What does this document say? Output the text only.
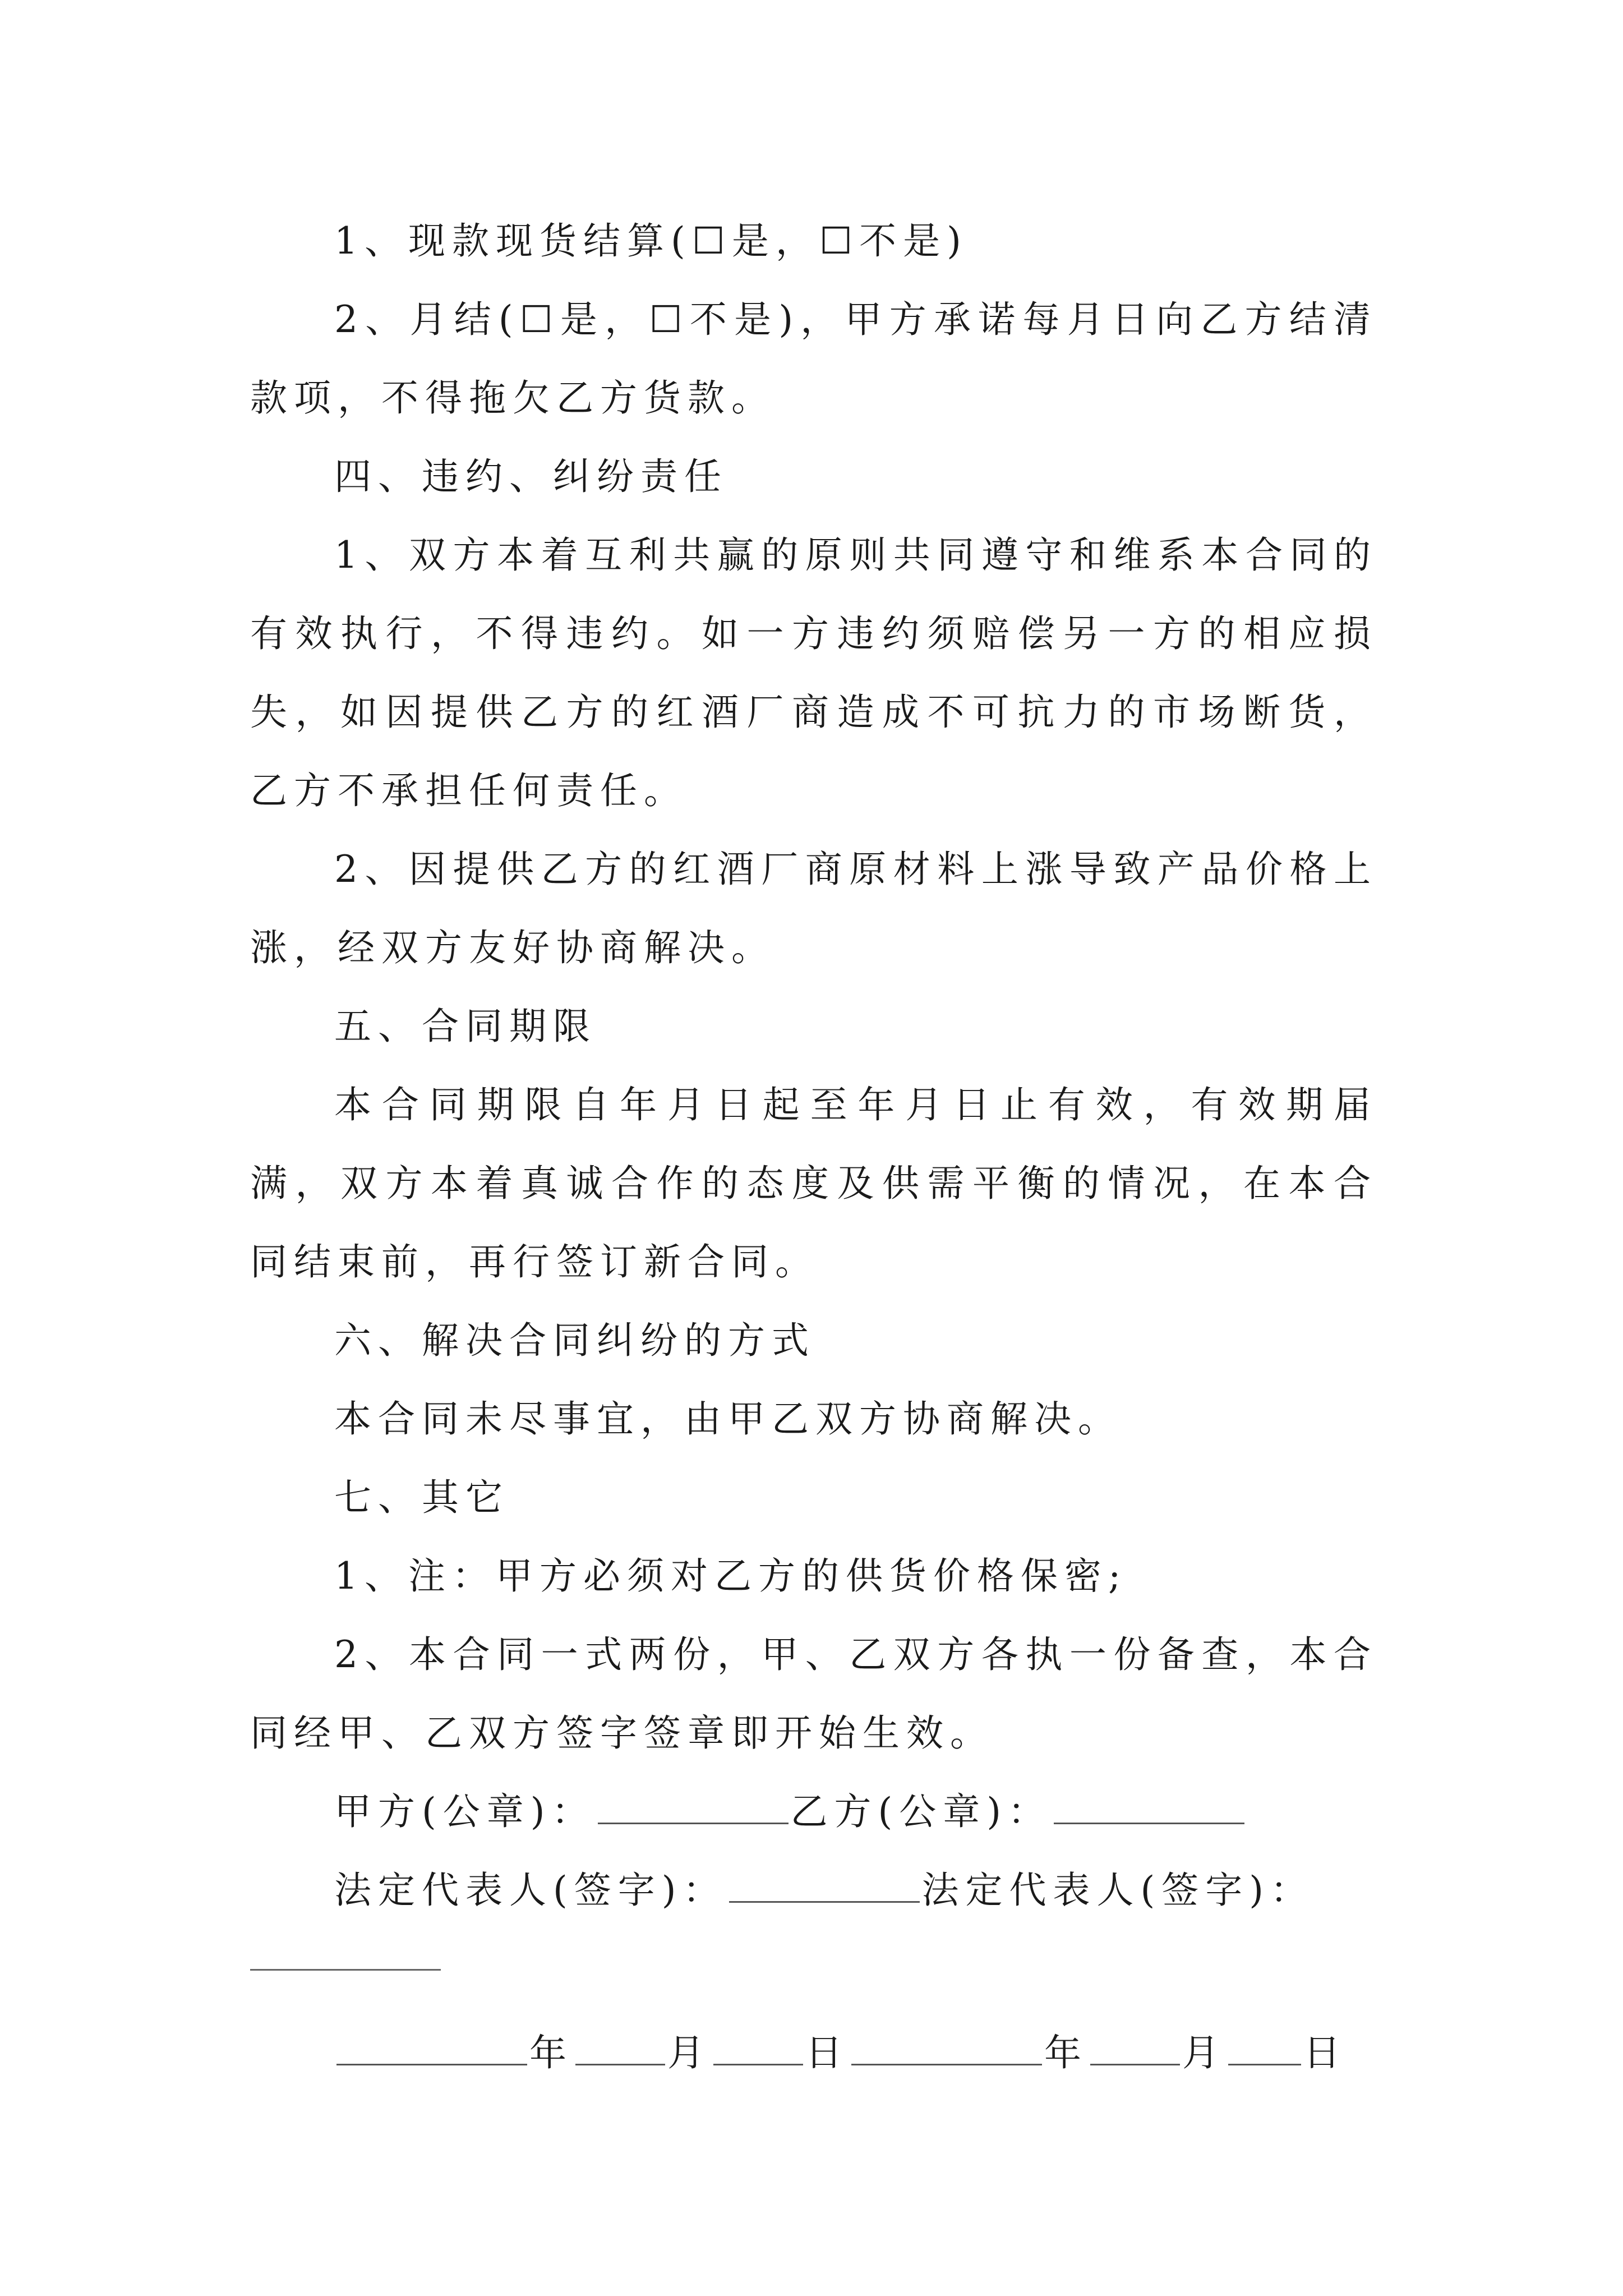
1、现款现货结算(☐是，☐不是)

2、月结(☐是，☐不是)，甲方承诺每月日向乙方结清款项，不得拖欠乙方货款。

四、违约、纠纷责任

1、双方本着互利共赢的原则共同遵守和维系本合同的有效执行，不得违约。如一方违约须赔偿另一方的相应损失，如因提供乙方的红酒厂商造成不可抗力的市场断货，乙方不承担任何责任。

2、因提供乙方的红酒厂商原材料上涨导致产品价格上涨，经双方友好协商解决。

五、合同期限

本合同期限自年月日起至年月日止有效，有效期届满，双方本着真诚合作的态度及供需平衡的情况，在本合同结束前，再行签订新合同。

六、解决合同纠纷的方式

本合同未尽事宜，由甲乙双方协商解决。

七、其它

1、注：甲方必须对乙方的供货价格保密;

2、本合同一式两份，甲、乙双方各执一份备查，本合同经甲、乙双方签字签章即开始生效。

甲方(公章)：	乙方(公章)：
法定代表人(签字)：	法定代表人(签字)：
年	月	日	年	月 日
